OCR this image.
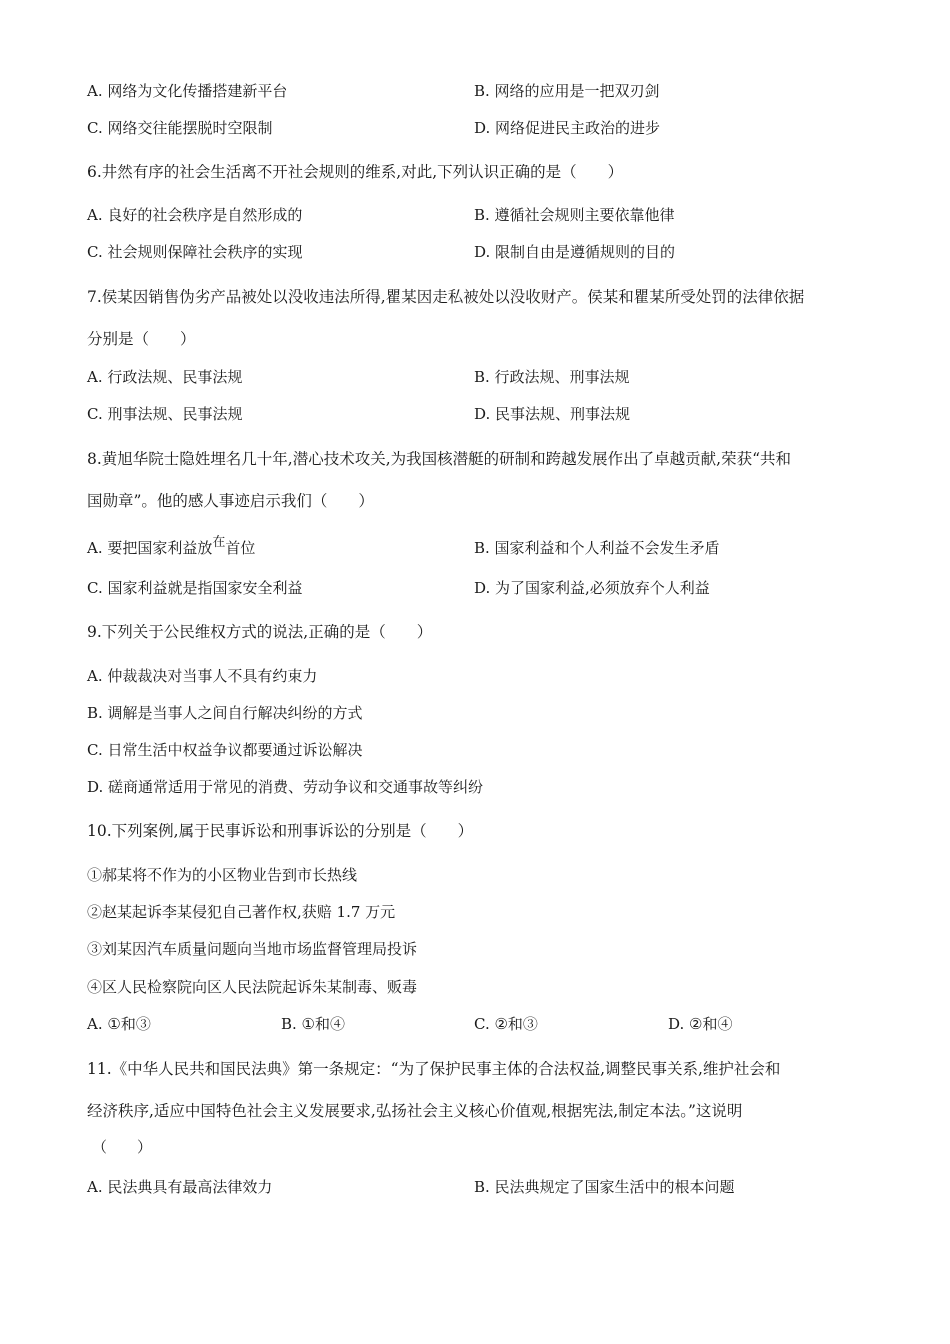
A. 网络为文化传播搭建新平台	B. 网络的应用是一把双刃剑
C. 网络交往能摆脱时空限制	D. 网络促进民主政治的进步
6.井然有序的社会生活离不开社会规则的维系,对此,下列认识正确的是（　　）
A. 良好的社会秩序是自然形成的	B. 遵循社会规则主要依靠他律
C. 社会规则保障社会秩序的实现	D. 限制自由是遵循规则的目的
7.侯某因销售伪劣产品被处以没收违法所得,瞿某因走私被处以没收财产。侯某和瞿某所受处罚的法律依据
分别是（　　）
A. 行政法规、民事法规	B. 行政法规、刑事法规
C. 刑事法规、民事法规	D. 民事法规、刑事法规
8.黄旭华院士隐姓埋名几十年,潜心技术攻关,为我国核潜艇的研制和跨越发展作出了卓越贡献,荣获“共和
国勋章”。他的感人事迹启示我们（　　）
A. 要把国家利益放在首位	B. 国家利益和个人利益不会发生矛盾
C. 国家利益就是指国家安全利益	D. 为了国家利益,必须放弃个人利益
9.下列关于公民维权方式的说法,正确的是（　　）
A. 仲裁裁决对当事人不具有约束力
B. 调解是当事人之间自行解决纠纷的方式
C. 日常生活中权益争议都要通过诉讼解决
D. 磋商通常适用于常见的消费、劳动争议和交通事故等纠纷
10.下列案例,属于民事诉讼和刑事诉讼的分别是（　　）
①郝某将不作为的小区物业告到市长热线
②赵某起诉李某侵犯自己著作权,获赔 1.7 万元
③刘某因汽车质量问题向当地市场监督管理局投诉
④区人民检察院向区人民法院起诉朱某制毒、贩毒
A. ①和③	B. ①和④	C. ②和③	D. ②和④
11.《中华人民共和国民法典》第一条规定：“为了保护民事主体的合法权益,调整民事关系,维护社会和
经济秩序,适应中国特色社会主义发展要求,弘扬社会主义核心价值观,根据宪法,制定本法。”这说明
（　　）
A. 民法典具有最高法律效力	B. 民法典规定了国家生活中的根本问题
